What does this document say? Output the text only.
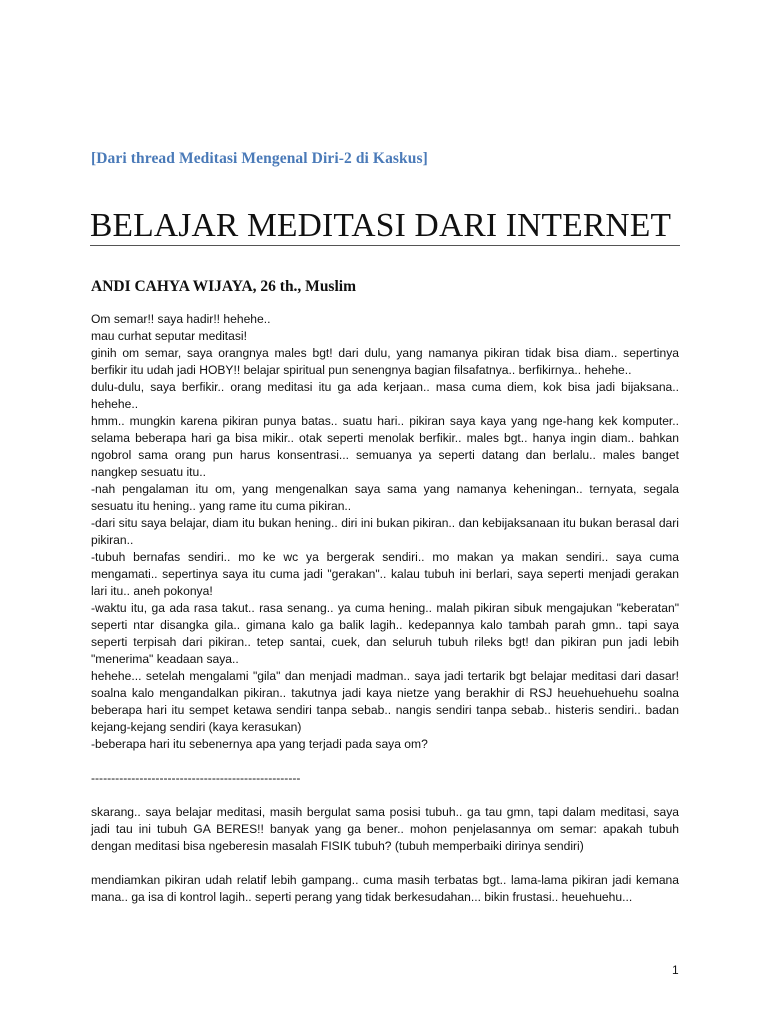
[Dari thread Meditasi Mengenal Diri-2 di Kaskus]
BELAJAR MEDITASI DARI INTERNET
ANDI CAHYA WIJAYA, 26 th., Muslim

Om semar!! saya hadir!! hehehe..

mau curhat seputar meditasi!

ginih om semar, saya orangnya males bgt! dari dulu, yang namanya pikiran tidak bisa diam.. sepertinya berfikir itu udah jadi HOBY!! belajar spiritual pun senengnya bagian filsafatnya.. berfikirnya.. hehehe..

dulu-dulu, saya berfikir.. orang meditasi itu ga ada kerjaan.. masa cuma diem, kok bisa jadi bijaksana.. hehehe..

hmm.. mungkin karena pikiran punya batas.. suatu hari.. pikiran saya kaya yang nge-hang kek komputer.. selama beberapa hari ga bisa mikir.. otak seperti menolak berfikir.. males bgt.. hanya ingin diam.. bahkan ngobrol sama orang pun harus konsentrasi... semuanya ya seperti datang dan berlalu.. males banget nangkep sesuatu itu..

-nah pengalaman itu om, yang mengenalkan saya sama yang namanya keheningan.. ternyata, segala sesuatu itu hening.. yang rame itu cuma pikiran..

-dari situ saya belajar, diam itu bukan hening.. diri ini bukan pikiran.. dan kebijaksanaan itu bukan berasal dari pikiran..

-tubuh bernafas sendiri.. mo ke wc ya bergerak sendiri.. mo makan ya makan sendiri.. saya cuma mengamati.. sepertinya saya itu cuma jadi "gerakan".. kalau tubuh ini berlari, saya seperti menjadi gerakan lari itu.. aneh pokonya!

-waktu itu, ga ada rasa takut.. rasa senang.. ya cuma hening.. malah pikiran sibuk mengajukan "keberatan" seperti ntar disangka gila.. gimana kalo ga balik lagih.. kedepannya kalo tambah parah gmn.. tapi saya seperti terpisah dari pikiran.. tetep santai, cuek, dan seluruh tubuh rileks bgt! dan pikiran pun jadi lebih "menerima" keadaan saya..

hehehe... setelah mengalami "gila" dan menjadi madman.. saya jadi tertarik bgt belajar meditasi dari dasar! soalna kalo mengandalkan pikiran.. takutnya jadi kaya nietze yang berakhir di RSJ heuehuehuehu soalna beberapa hari itu sempet ketawa sendiri tanpa sebab.. nangis sendiri tanpa sebab.. histeris sendiri.. badan kejang-kejang sendiri (kaya kerasukan)

-beberapa hari itu sebenernya apa yang terjadi pada saya om?

----------------------------------------------------

skarang.. saya belajar meditasi, masih bergulat sama posisi tubuh.. ga tau gmn, tapi dalam meditasi, saya jadi tau ini tubuh GA BERES!! banyak yang ga bener.. mohon penjelasannya om semar: apakah tubuh dengan meditasi bisa ngeberesin masalah FISIK tubuh? (tubuh memperbaiki dirinya sendiri)

mendiamkan pikiran udah relatif lebih gampang.. cuma masih terbatas bgt.. lama-lama pikiran jadi kemana mana.. ga isa di kontrol lagih.. seperti perang yang tidak berkesudahan... bikin frustasi.. heuehuehu...

1
